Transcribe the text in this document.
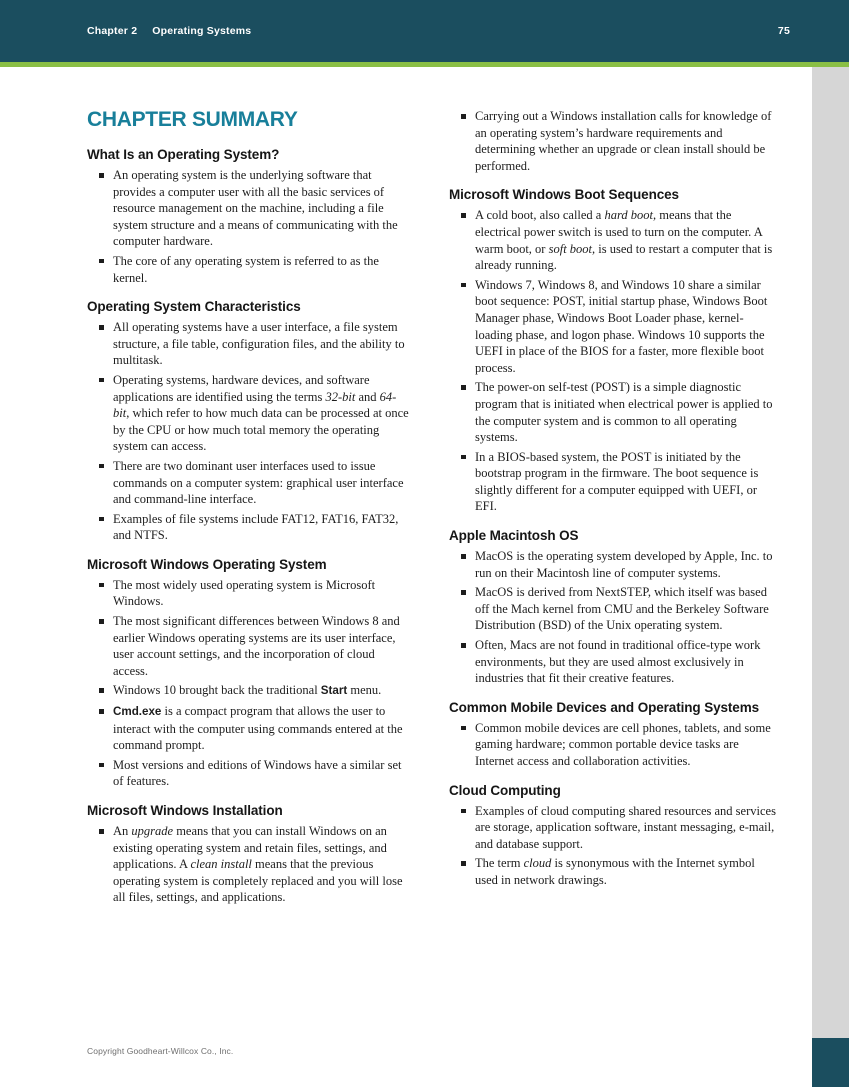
Chapter 2 Operating Systems	75
CHAPTER SUMMARY
What Is an Operating System?
An operating system is the underlying software that provides a computer user with all the basic services of resource management on the machine, including a file system structure and a means of communicating with the computer hardware.
The core of any operating system is referred to as the kernel.
Operating System Characteristics
All operating systems have a user interface, a file system structure, a file table, configuration files, and the ability to multitask.
Operating systems, hardware devices, and software applications are identified using the terms 32-bit and 64-bit, which refer to how much data can be processed at once by the CPU or how much total memory the operating system can access.
There are two dominant user interfaces used to issue commands on a computer system: graphical user interface and command-line interface.
Examples of file systems include FAT12, FAT16, FAT32, and NTFS.
Microsoft Windows Operating System
The most widely used operating system is Microsoft Windows.
The most significant differences between Windows 8 and earlier Windows operating systems are its user interface, user account settings, and the incorporation of cloud access.
Windows 10 brought back the traditional Start menu.
Cmd.exe is a compact program that allows the user to interact with the computer using commands entered at the command prompt.
Most versions and editions of Windows have a similar set of features.
Microsoft Windows Installation
An upgrade means that you can install Windows on an existing operating system and retain files, settings, and applications. A clean install means that the previous operating system is completely replaced and you will lose all files, settings, and applications.
Carrying out a Windows installation calls for knowledge of an operating system’s hardware requirements and determining whether an upgrade or clean install should be performed.
Microsoft Windows Boot Sequences
A cold boot, also called a hard boot, means that the electrical power switch is used to turn on the computer. A warm boot, or soft boot, is used to restart a computer that is already running.
Windows 7, Windows 8, and Windows 10 share a similar boot sequence: POST, initial startup phase, Windows Boot Manager phase, Windows Boot Loader phase, kernel-loading phase, and logon phase. Windows 10 supports the UEFI in place of the BIOS for a faster, more flexible boot process.
The power-on self-test (POST) is a simple diagnostic program that is initiated when electrical power is applied to the computer system and is common to all operating systems.
In a BIOS-based system, the POST is initiated by the bootstrap program in the firmware. The boot sequence is slightly different for a computer equipped with UEFI, or EFI.
Apple Macintosh OS
MacOS is the operating system developed by Apple, Inc. to run on their Macintosh line of computer systems.
MacOS is derived from NextSTEP, which itself was based off the Mach kernel from CMU and the Berkeley Software Distribution (BSD) of the Unix operating system.
Often, Macs are not found in traditional office-type work environments, but they are used almost exclusively in industries that fit their creative features.
Common Mobile Devices and Operating Systems
Common mobile devices are cell phones, tablets, and some gaming hardware; common portable device tasks are Internet access and collaboration activities.
Cloud Computing
Examples of cloud computing shared resources and services are storage, application software, instant messaging, e-mail, and database support.
The term cloud is synonymous with the Internet symbol used in network drawings.
Copyright Goodheart-Willcox Co., Inc.
